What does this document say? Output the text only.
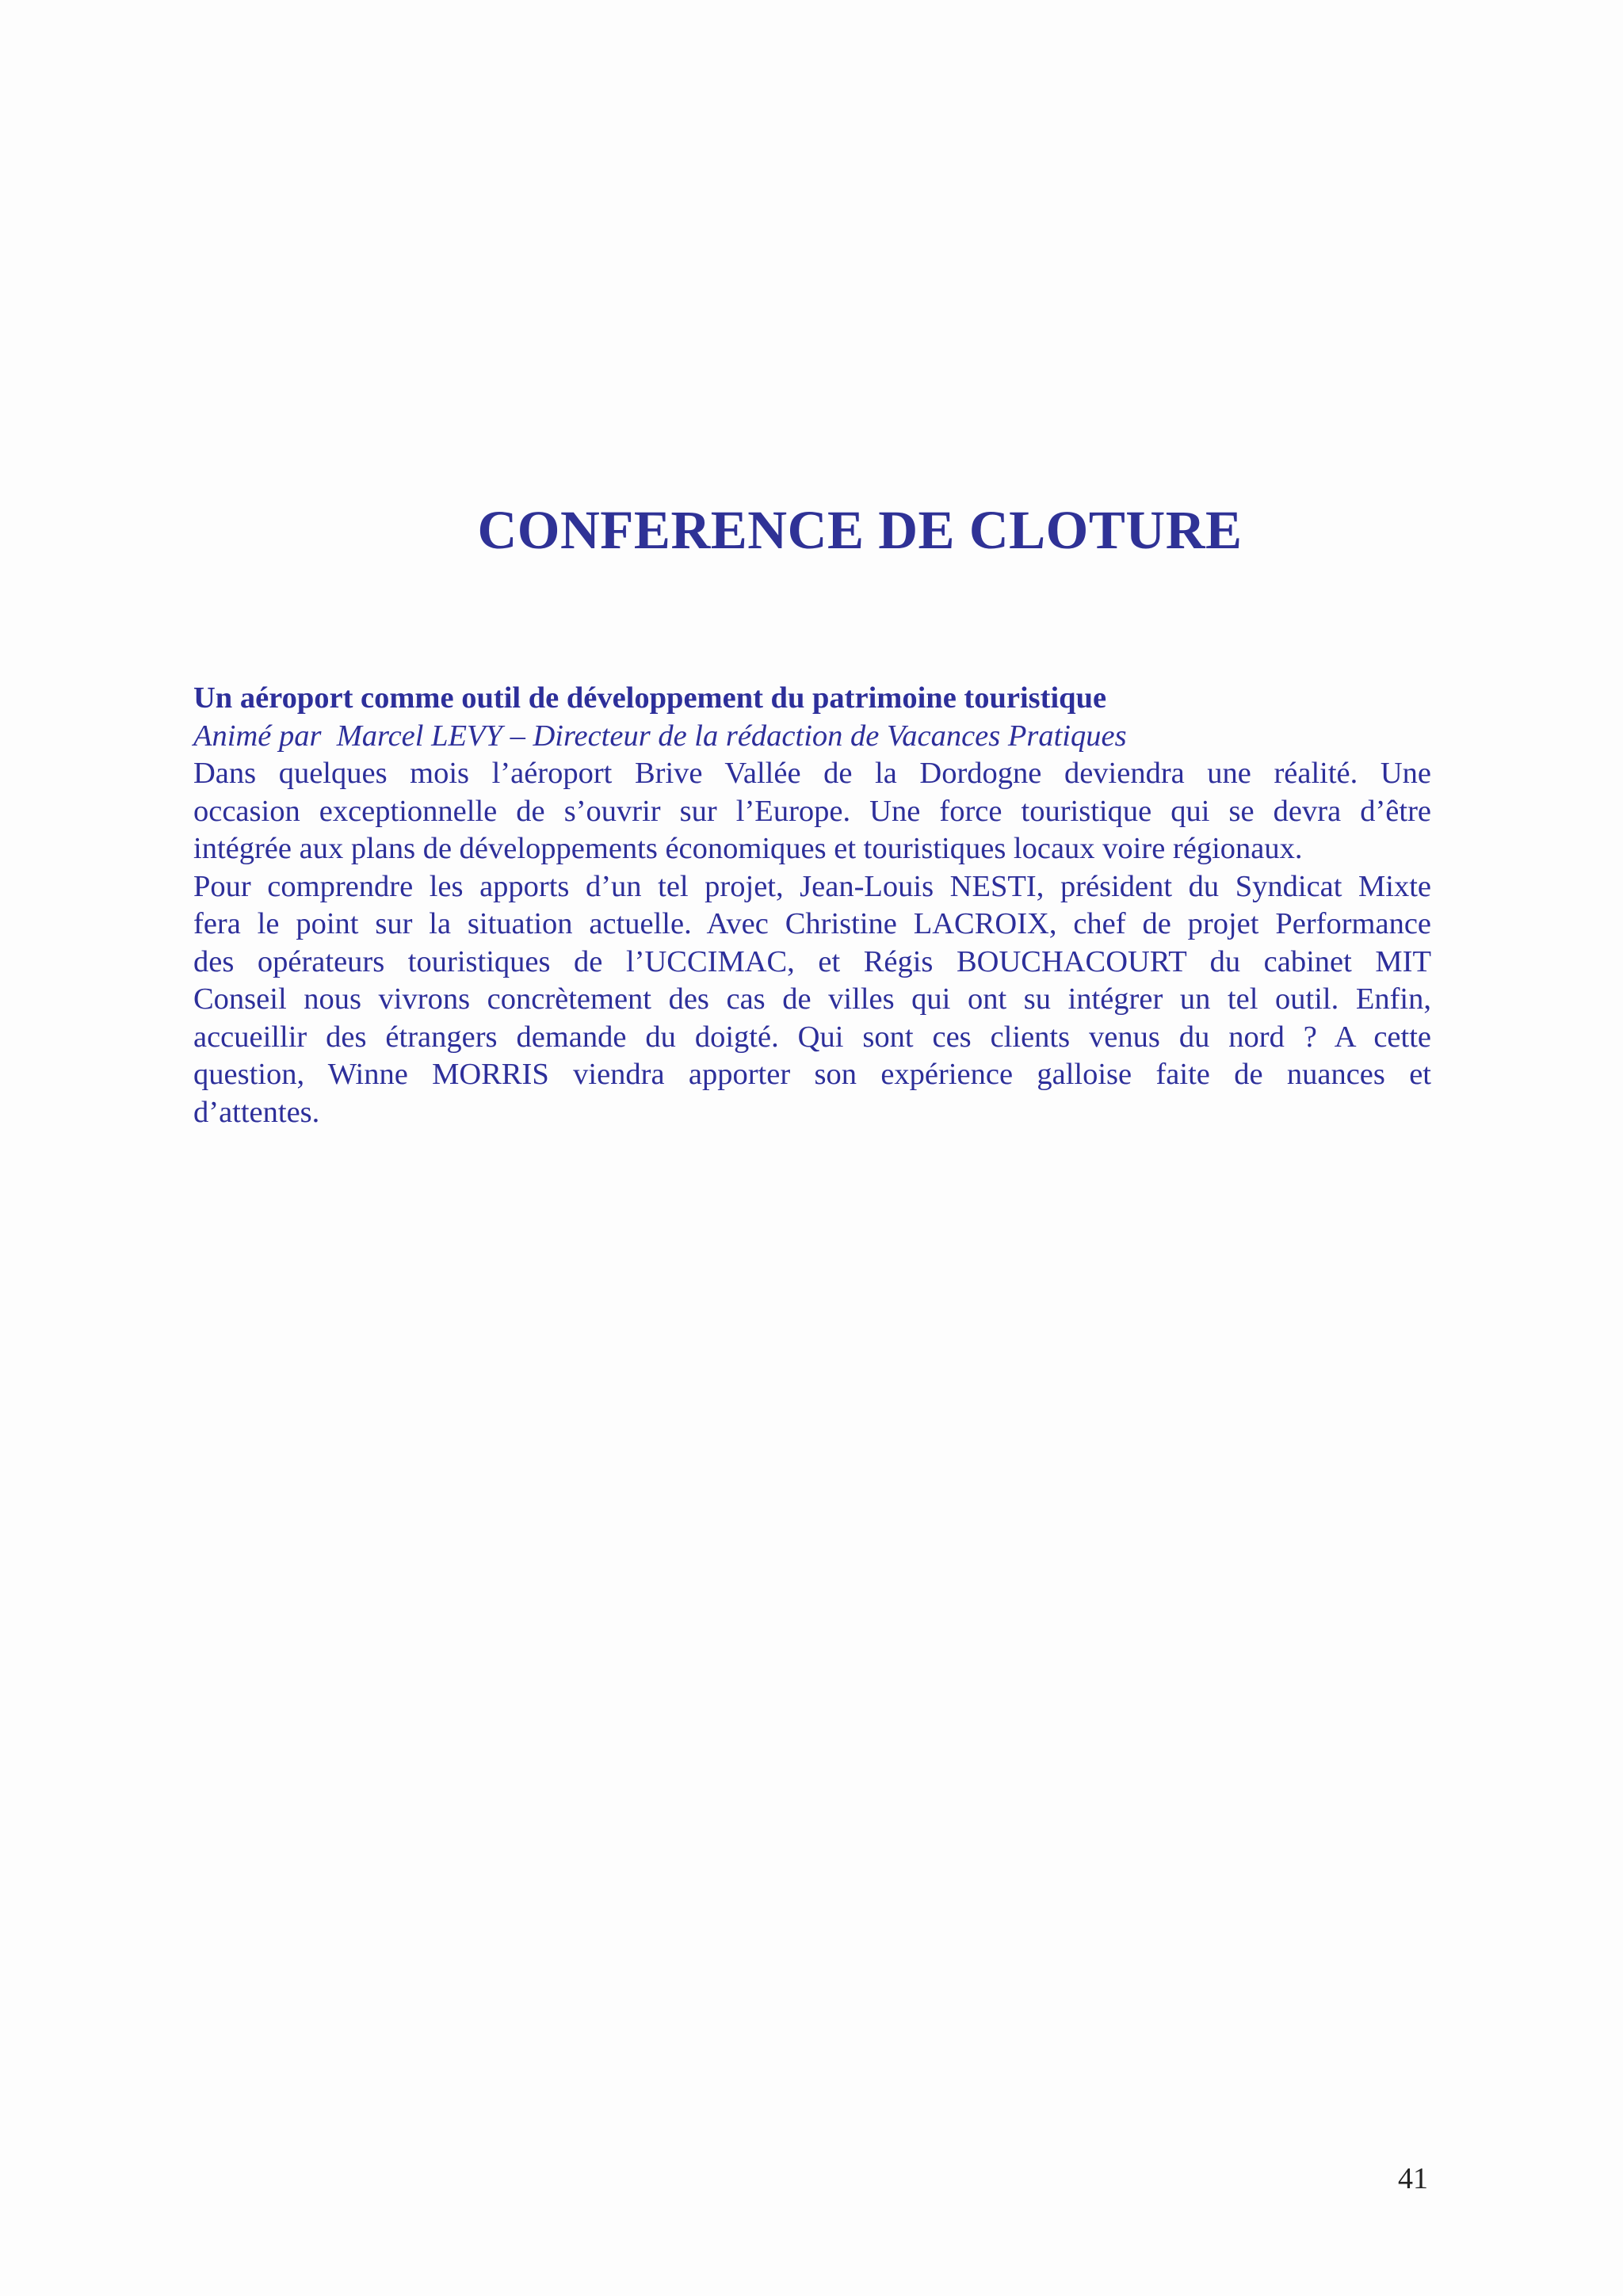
CONFERENCE DE CLOTURE

Un aéroport comme outil de développement du patrimoine touristique

Animé par  Marcel LEVY – Directeur de la rédaction de Vacances Pratiques

Dans quelques mois l’aéroport Brive Vallée de la Dordogne deviendra une réalité. Une
occasion exceptionnelle de s’ouvrir sur l’Europe. Une force touristique qui se devra d’être
intégrée aux plans de développements économiques et touristiques locaux voire régionaux.

Pour comprendre les apports d’un tel projet, Jean-Louis NESTI, président du Syndicat Mixte
fera le point sur la situation actuelle. Avec Christine LACROIX, chef de projet Performance
des opérateurs touristiques de l’UCCIMAC, et Régis BOUCHACOURT du cabinet MIT
Conseil nous vivrons concrètement des cas de villes qui ont su intégrer un tel outil. Enfin,
accueillir des étrangers demande du doigté. Qui sont ces clients venus du nord ? A cette
question, Winne MORRIS viendra apporter son expérience galloise faite de nuances et
d’attentes.

41
